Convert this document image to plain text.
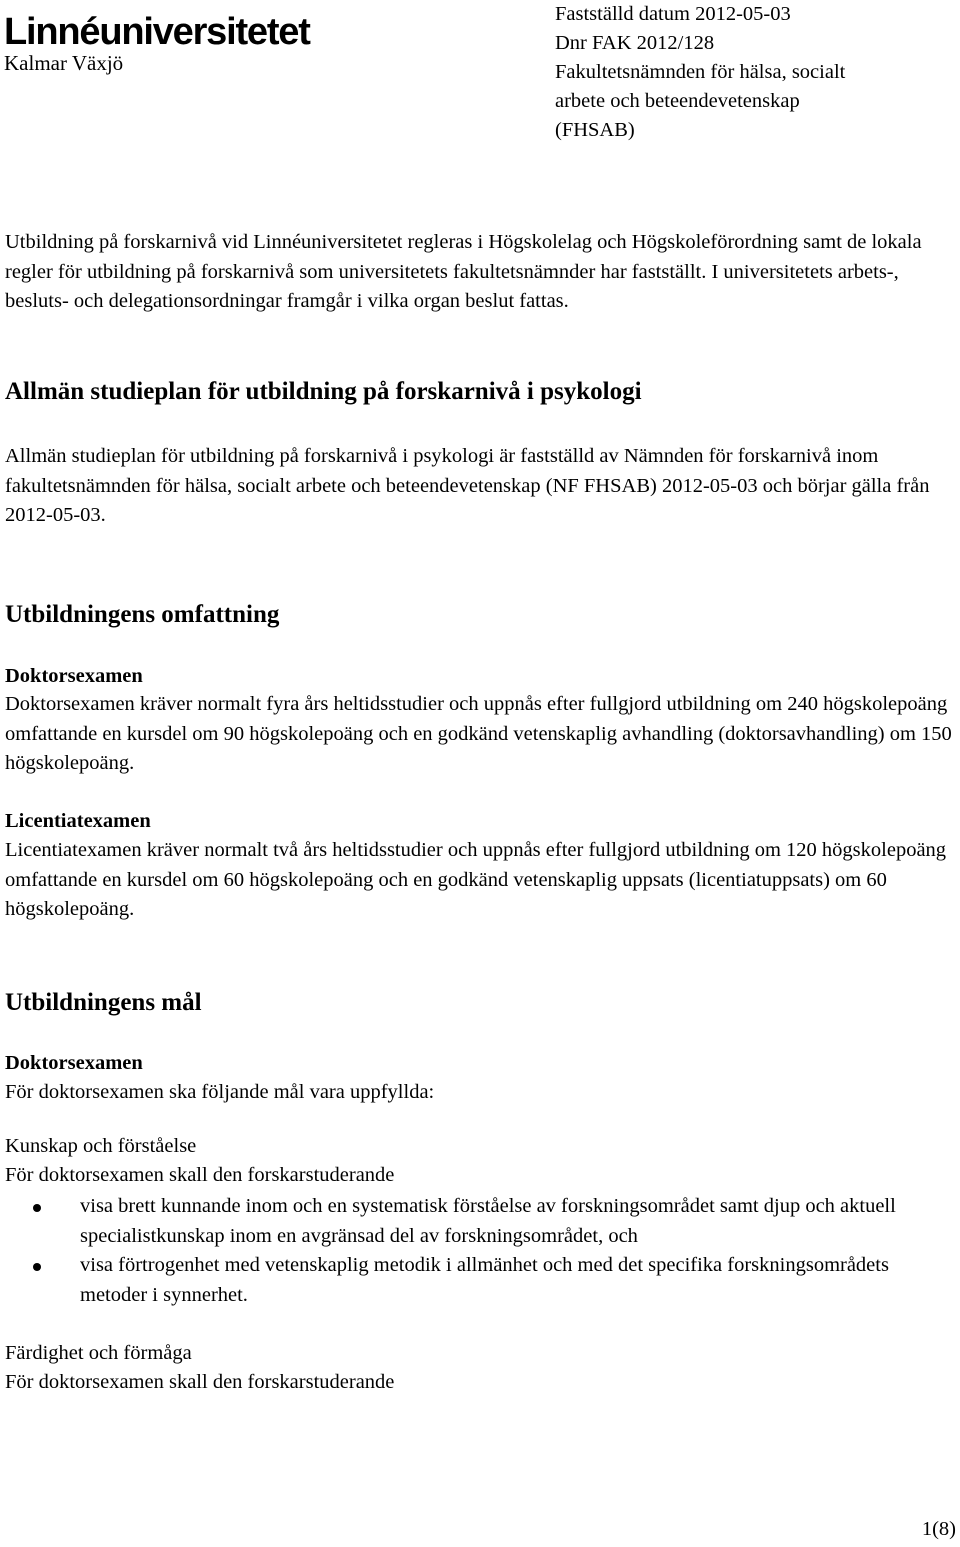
Linnéuniversitetet
Kalmar Växjö
Fastställd datum 2012-05-03
Dnr FAK 2012/128
Fakultetsnämnden för hälsa, socialt
arbete och beteendevetenskap
(FHSAB)

Utbildning på forskarnivå vid Linnéuniversitetet regleras i Högskolelag och Högskoleförordning samt de lokala regler för utbildning på forskarnivå som universitetets fakultetsnämnder har fastställt. I universitetets arbets-, besluts- och delegationsordningar framgår i vilka organ beslut fattas.

Allmän studieplan för utbildning på forskarnivå i psykologi

Allmän studieplan för utbildning på forskarnivå i psykologi är fastställd av Nämnden för forskarnivå inom fakultetsnämnden för hälsa, socialt arbete och beteendevetenskap (NF FHSAB) 2012-05-03 och börjar gälla från 2012-05-03.

Utbildningens omfattning
Doktorsexamen

Doktorsexamen kräver normalt fyra års heltidsstudier och uppnås efter fullgjord utbildning om 240 högskolepoäng omfattande en kursdel om 90 högskolepoäng och en godkänd vetenskaplig avhandling (doktorsavhandling) om 150 högskolepoäng.

Licentiatexamen

Licentiatexamen kräver normalt två års heltidsstudier och uppnås efter fullgjord utbildning om 120 högskolepoäng omfattande en kursdel om 60 högskolepoäng och en godkänd vetenskaplig uppsats (licentiatuppsats) om 60 högskolepoäng.

Utbildningens mål
Doktorsexamen

För doktorsexamen ska följande mål vara uppfyllda:

Kunskap och förståelse

För doktorsexamen skall den forskarstuderande

visa brett kunnande inom och en systematisk förståelse av forskningsområdet samt djup och aktuell specialistkunskap inom en avgränsad del av forskningsområdet, och
visa förtrogenhet med vetenskaplig metodik i allmänhet och med det specifika forskningsområdets metoder i synnerhet.

Färdighet och förmåga

För doktorsexamen skall den forskarstuderande

1(8)
